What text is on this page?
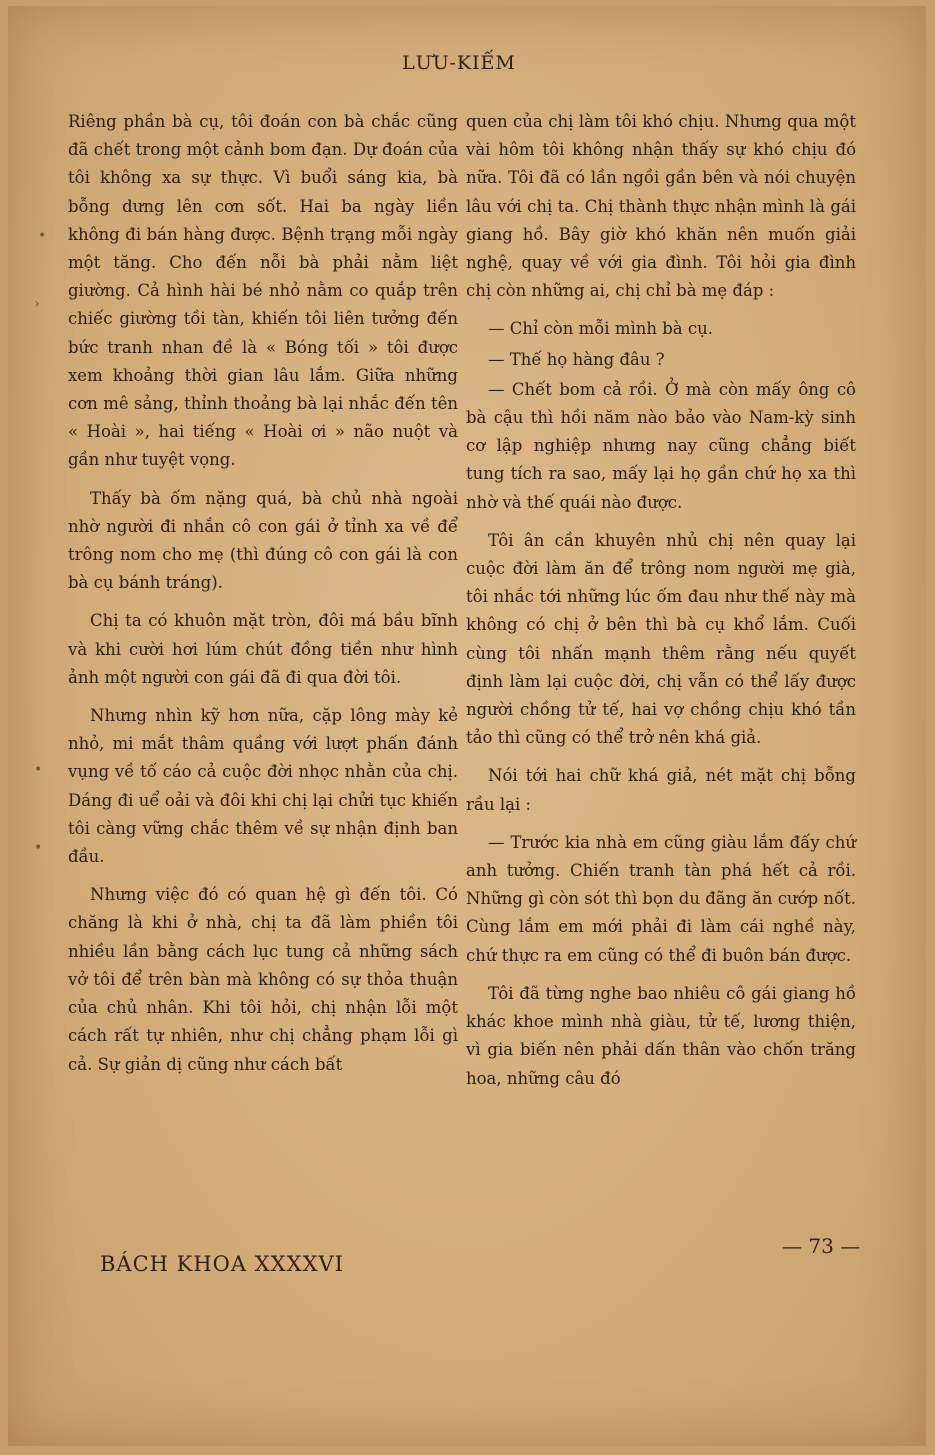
LƯU-KIẾM

Riêng phần bà cụ, tôi đoán con bà chắc cũng đã chết trong một cảnh bom đạn. Dự đoán của tôi không xa sự thực. Vì buổi sáng kia, bà bỗng dưng lên cơn sốt. Hai ba ngày liền không đi bán hàng được. Bệnh trạng mỗi ngày một tăng. Cho đến nỗi bà phải nằm liệt giường. Cả hình hài bé nhỏ nằm co quắp trên chiếc giường tồi tàn, khiến tôi liên tưởng đến bức tranh nhan đề là « Bóng tối » tôi được xem khoảng thời gian lâu lắm. Giữa những cơn mê sảng, thỉnh thoảng bà lại nhắc đến tên « Hoài », hai tiếng « Hoài ơi » não nuột và gần như tuyệt vọng.

Thấy bà ốm nặng quá, bà chủ nhà ngoài nhờ người đi nhắn cô con gái ở tỉnh xa về để trông nom cho mẹ (thì đúng cô con gái là con bà cụ bánh tráng).

Chị ta có khuôn mặt tròn, đôi má bầu bĩnh và khi cười hơi lúm chút đồng tiền như hình ảnh một người con gái đã đi qua đời tôi.

Nhưng nhìn kỹ hơn nữa, cặp lông mày kẻ nhỏ, mi mắt thâm quầng với lượt phấn đánh vụng về tố cáo cả cuộc đời nhọc nhằn của chị. Dáng đi uể oải và đôi khi chị lại chửi tục khiến tôi càng vững chắc thêm về sự nhận định ban đầu.

Nhưng việc đó có quan hệ gì đến tôi. Có chăng là khi ở nhà, chị ta đã làm phiền tôi nhiều lần bằng cách lục tung cả những sách vở tôi để trên bàn mà không có sự thỏa thuận của chủ nhân. Khi tôi hỏi, chị nhận lỗi một cách rất tự nhiên, như chị chẳng phạm lỗi gì cả. Sự giản dị cũng như cách bất

quen của chị làm tôi khó chịu. Nhưng qua một vài hôm tôi không nhận thấy sự khó chịu đó nữa. Tôi đã có lần ngồi gần bên và nói chuyện lâu với chị ta. Chị thành thực nhận mình là gái giang hồ. Bây giờ khó khăn nên muốn giải nghệ, quay về với gia đình. Tôi hỏi gia đình chị còn những ai, chị chỉ bà mẹ đáp :

— Chỉ còn mỗi mình bà cụ.

— Thế họ hàng đâu ?

— Chết bom cả rồi. Ở mà còn mấy ông cô bà cậu thì hồi năm nào bảo vào Nam-kỳ sinh cơ lập nghiệp nhưng nay cũng chẳng biết tung tích ra sao, mấy lại họ gần chứ họ xa thì nhờ và thế quái nào được.

Tôi ân cần khuyên nhủ chị nên quay lại cuộc đời làm ăn để trông nom người mẹ già, tôi nhắc tới những lúc ốm đau như thế này mà không có chị ở bên thì bà cụ khổ lắm. Cuối cùng tôi nhấn mạnh thêm rằng nếu quyết định làm lại cuộc đời, chị vẫn có thể lấy được người chồng tử tế, hai vợ chồng chịu khó tần tảo thì cũng có thể trở nên khá giả.

Nói tới hai chữ khá giả, nét mặt chị bỗng rầu lại :

— Trước kia nhà em cũng giàu lắm đấy chứ anh tưởng. Chiến tranh tàn phá hết cả rồi. Những gì còn sót thì bọn du đãng ăn cướp nốt. Cùng lắm em mới phải đi làm cái nghề này, chứ thực ra em cũng có thể đi buôn bán được.

Tôi đã từng nghe bao nhiêu cô gái giang hồ khác khoe mình nhà giàu, tử tế, lương thiện, vì gia biến nên phải dấn thân vào chốn trăng hoa, những câu đó

BÁCH KHOA XXXXVI
— 73 —
•
›
•
•
